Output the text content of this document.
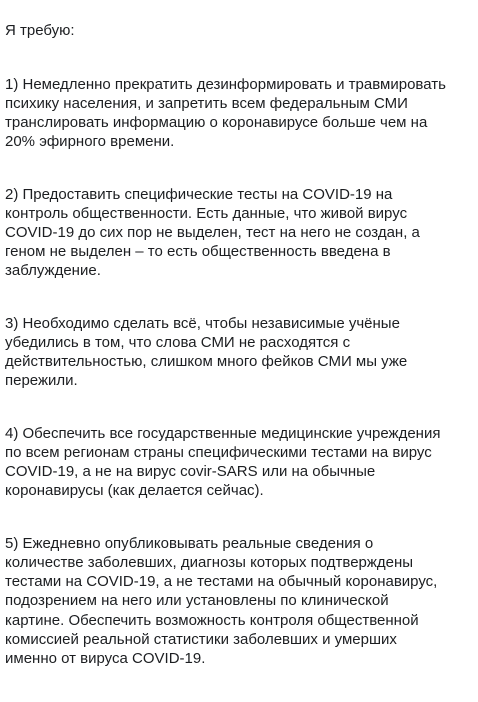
Я требую:

1) Немедленно прекратить дезинформировать и травмировать
психику населения, и запретить всем федеральным СМИ
транслировать информацию о коронавирусе больше чем на
20% эфирного времени.

2) Предоставить специфические тесты на COVID-19 на
контроль общественности. Есть данные, что живой вирус
COVID-19 до сих пор не выделен, тест на него не создан, а
геном не выделен – то есть общественность введена в
заблуждение.

3) Необходимо сделать всё, чтобы независимые учёные
убедились в том, что слова СМИ не расходятся с
действительностью, слишком много фейков СМИ мы уже
пережили.

4) Обеспечить все государственные медицинские учреждения
по всем регионам страны специфическими тестами на вирус
COVID-19, а не на вирус covir-SARS или на обычные
коронавирусы (как делается сейчас).

5) Ежедневно опубликовывать реальные сведения о
количестве заболевших, диагнозы которых подтверждены
тестами на COVID-19, а не тестами на обычный коронавирус,
подозрением на него или установлены по клинической
картине. Обеспечить возможность контроля общественной
комиссией реальной статистики заболевших и умерших
именно от вируса COVID-19.
